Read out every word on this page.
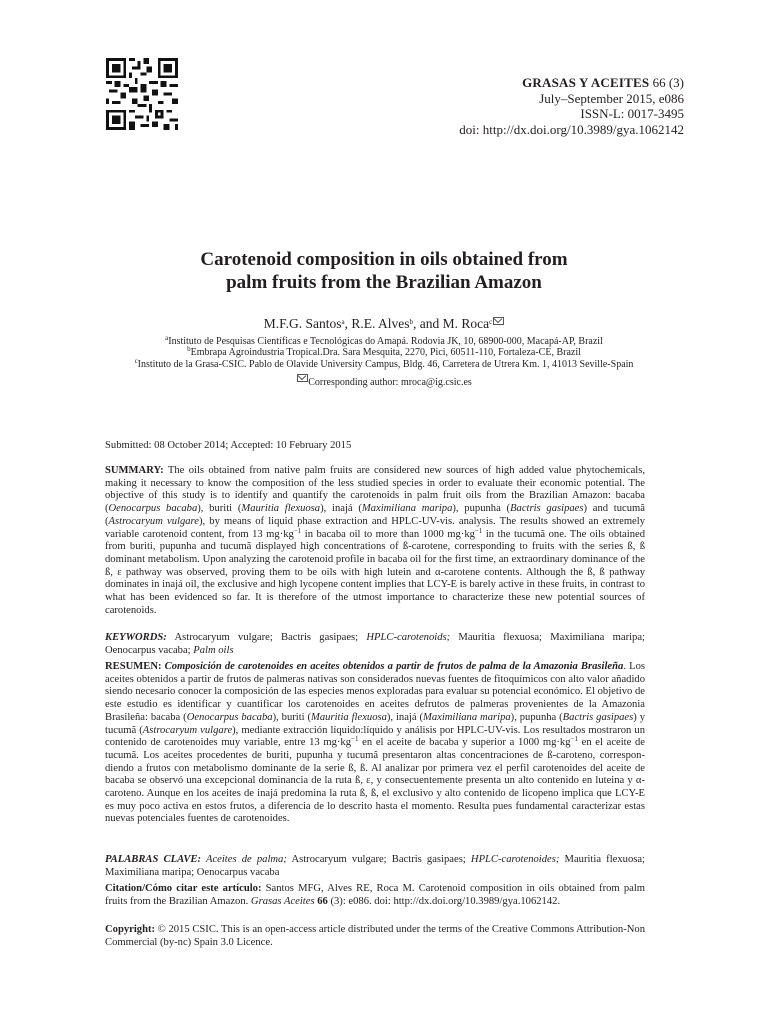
GRASAS Y ACEITES 66 (3)
July–September 2015, e086
ISSN-L: 0017-3495
doi: http://dx.doi.org/10.3989/gya.1062142
Carotenoid composition in oils obtained from
palm fruits from the Brazilian Amazon
M.F.G. Santos$^a$, R.E. Alves$^b$, and M. Roca$^c$
$^a$Instituto de Pesquisas Científicas e Tecnológicas do Amapá. Rodovia JK, 10, 68900-000, Macapá-AP, Brazil
$^b$Embrapa Agroindustria Tropical.Dra. Sara Mesquita, 2270, Pici, 60511-110, Fortaleza-CE, Brazil
$^c$Instituto de la Grasa-CSIC. Pablo de Olavide University Campus, Bldg. 46, Carretera de Utrera Km. 1, 41013 Seville-Spain
Corresponding author: mroca@ig.csic.es
Submitted: 08 October 2014; Accepted: 10 February 2015
SUMMARY: The oils obtained from native palm fruits are considered new sources of high added value phytochemicals, making it necessary to know the composition of the less studied species in order to evaluate their economic potential. The objective of this study is to identify and quantify the carotenoids in palm fruit oils from the Brazilian Amazon: bacaba (Oenocarpus bacaba), buriti (Mauritia flexuosa), inajá (Maximiliana maripa), pupunha (Bactris gasipaes) and tucumã (Astrocaryum vulgare), by means of liquid phase extraction and HPLC-UV-vis. analysis. The results showed an extremely variable carotenoid content, from 13 $mg\cdot kg^{-1}$ in bacaba oil to more than 1000 $mg\cdot kg^{-1}$ in the tucumã one. The oils obtained from buriti, pupunha and tucumã displayed high concentrations of ß-carotene, corresponding to fruits with the series ß, ß dominant metabolism. Upon analyzing the carotenoid profile in bacaba oil for the first time, an extraordinary dominance of the ß, ε pathway was observed, proving them to be oils with high lutein and α-carotene contents. Although the ß, ß pathway dominates in inajá oil, the exclusive and high lycopene content implies that LCY-E is barely active in these fruits, in contrast to what has been evidenced so far. It is therefore of the utmost importance to characterize these new potential sources of carotenoids.
KEYWORDS: Astrocaryum vulgare; Bactris gasipaes; HPLC-carotenoids; Mauritia flexuosa; Maximiliana maripa; Oenocarpus vacaba; Palm oils
RESUMEN: Composición de carotenoides en aceites obtenidos a partir de frutos de palma de la Amazonia Brasileña. Los aceites obtenidos a partir de frutos de palmeras nativas son considerados nuevas fuentes de fitoquímicos con alto valor añadido siendo necesario conocer la composición de las especies menos exploradas para evaluar su potencial económico. El objetivo de este estudio es identificar y cuantificar los carotenoides en aceites defrutos de palmeras provenientes de la Amazonia Brasileña: bacaba (Oenocarpus bacaba), buriti (Mauritia flexuosa), inajá (Maximiliana maripa), pupunha (Bactris gasipaes) y tucumã (Astrocaryum vulgare), mediante extracción líquido:líquido y análisis por HPLC-UV-vis. Los resultados mostraron un contenido de carotenoides muy variable, entre 13 $mg\cdot kg^{-1}$ en el aceite de bacaba y superior a 1000 $mg\cdot kg^{-1}$ en el aceite de tucumã. Los aceites procedentes de buriti, pupunha y tucumã presentaron altas concentraciones de ß-caroteno, correspondiendo a frutos con metabolismo dominante de la serie ß, ß. Al analizar por primera vez el perfil carotenoides del aceite de bacaba se observó una excepcional dominancia de la ruta ß, ε, y consecuentemente presenta un alto contenido en luteina y α-caroteno. Aunque en los aceites de inajá predomina la ruta ß, ß, el exclusivo y alto contenido de licopeno implica que LCY-E es muy poco activa en estos frutos, a diferencia de lo descrito hasta el momento. Resulta pues fundamental caracterizar estas nuevas potenciales fuentes de carotenoides.
PALABRAS CLAVE: Aceites de palma; Astrocaryum vulgare; Bactris gasipaes; HPLC-carotenoides; Mauritia flexuosa; Maximiliana maripa; Oenocarpus vacaba
Citation/Cómo citar este artículo: Santos MFG, Alves RE, Roca M. Carotenoid composition in oils obtained from palm fruits from the Brazilian Amazon. Grasas Aceites 66 (3): e086. doi: http://dx.doi.org/10.3989/gya.1062142.
Copyright: © 2015 CSIC. This is an open-access article distributed under the terms of the Creative Commons Attribution-Non Commercial (by-nc) Spain 3.0 Licence.
